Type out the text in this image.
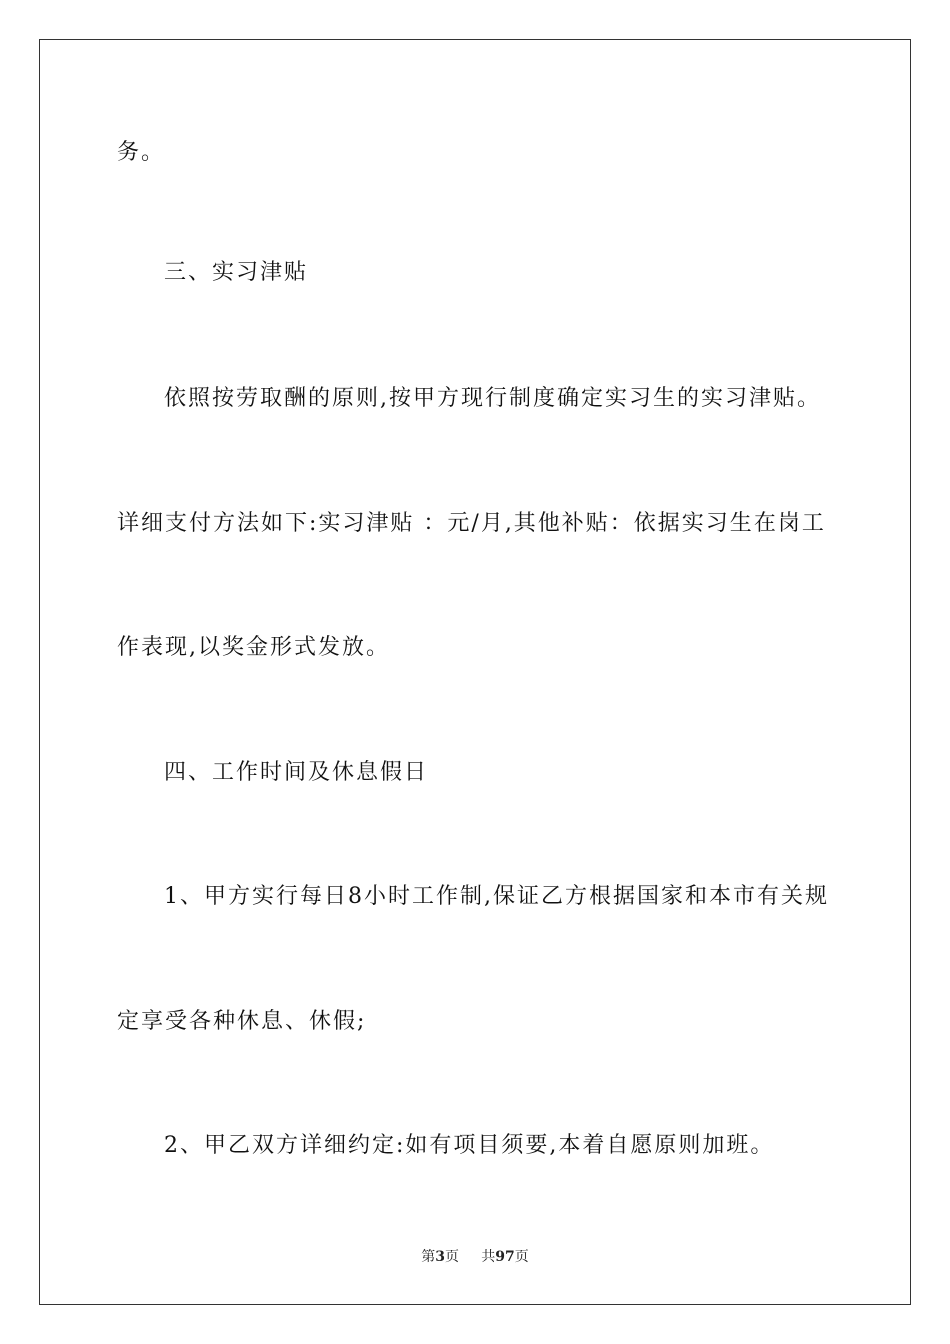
务。
三、实习津贴
依照按劳取酬的原则,按甲方现行制度确定实习生的实习津贴。
详细支付方法如下:实习津贴 ：元/月,其他补贴：依据实习生在岗工
作表现,以奖金形式发放。
四、工作时间及休息假日
1、甲方实行每日8小时工作制,保证乙方根据国家和本市有关规
定享受各种休息、休假;
2、甲乙双方详细约定:如有项目须要,本着自愿原则加班。
第3页 共97页
